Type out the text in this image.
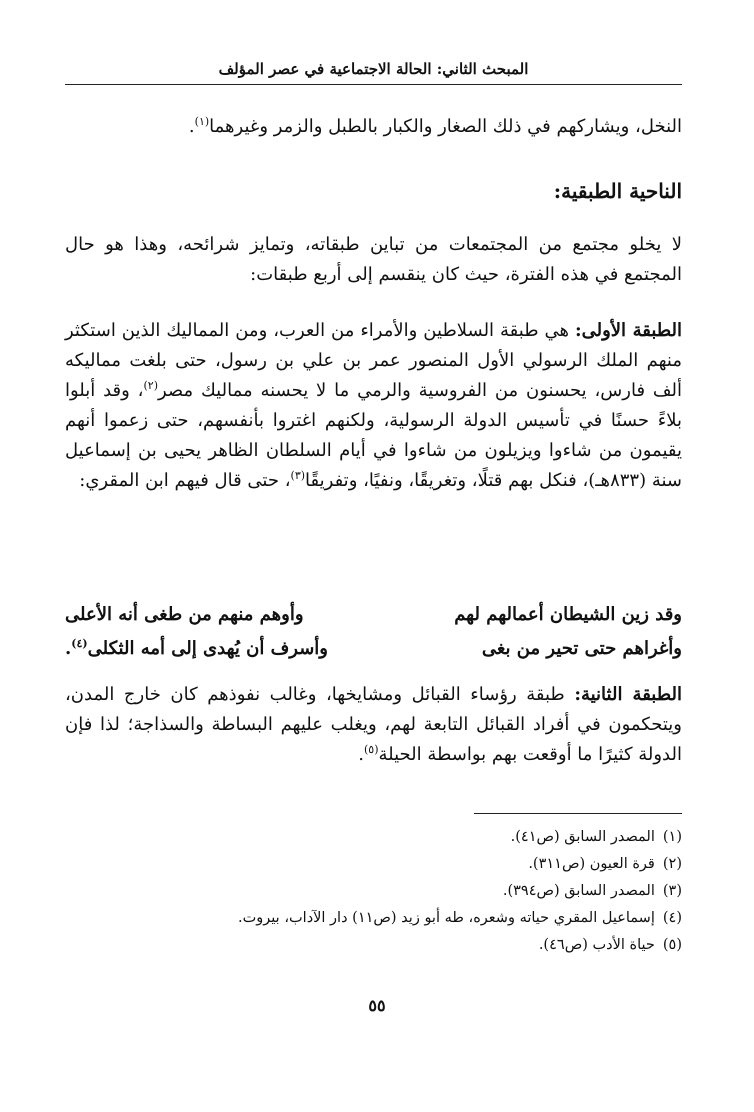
المبحث الثاني: الحالة الاجتماعية في عصر المؤلف

النخل، ويشاركهم في ذلك الصغار والكبار بالطبل والزمر وغيرهما$^{(١)}$.

الناحية الطبقية:

لا يخلو مجتمع من المجتمعات من تباين طبقاته، وتمايز شرائحه، وهذا هو حال المجتمع في هذه الفترة، حيث كان ينقسم إلى أربع طبقات:

الطبقة الأولى: هي طبقة السلاطين والأمراء من العرب، ومن المماليك الذين استكثر منهم الملك الرسولي الأول المنصور عمر بن علي بن رسول، حتى بلغت مماليكه ألف فارس، يحسنون من الفروسية والرمي ما لا يحسنه مماليك مصر$^{(٢)}$، وقد أبلوا بلاءً حسنًا في تأسيس الدولة الرسولية، ولكنهم اغتروا بأنفسهم، حتى زعموا أنهم يقيمون من شاءوا ويزيلون من شاءوا في أيام السلطان الظاهر يحيى بن إسماعيل سنة (٨٣٣هـ)، فنكل بهم قتلًا، وتغريقًا، ونفيًا، وتفريقًا$^{(٣)}$، حتى قال فيهم ابن المقري:

وقد زين الشيطان أعمالهم لهم
وأوهم منهم من طغى أنه الأعلى
وأغراهم حتى تحير من بغى
وأسرف أن يُهدى إلى أمه الثكلى$^{(٤)}$.

الطبقة الثانية: طبقة رؤساء القبائل ومشايخها، وغالب نفوذهم كان خارج المدن، ويتحكمون في أفراد القبائل التابعة لهم، ويغلب عليهم البساطة والسذاجة؛ لذا فإن الدولة كثيرًا ما أوقعت بهم بواسطة الحيلة$^{(٥)}$.

(١)المصدر السابق (ص٤١).
(٢)قرة العيون (ص٣١١).
(٣)المصدر السابق (ص٣٩٤).
(٤)إسماعيل المقري حياته وشعره، طه أبو زيد (ص١١) دار الآداب، بيروت.
(٥)حياة الأدب (ص٤٦).
٥٥
